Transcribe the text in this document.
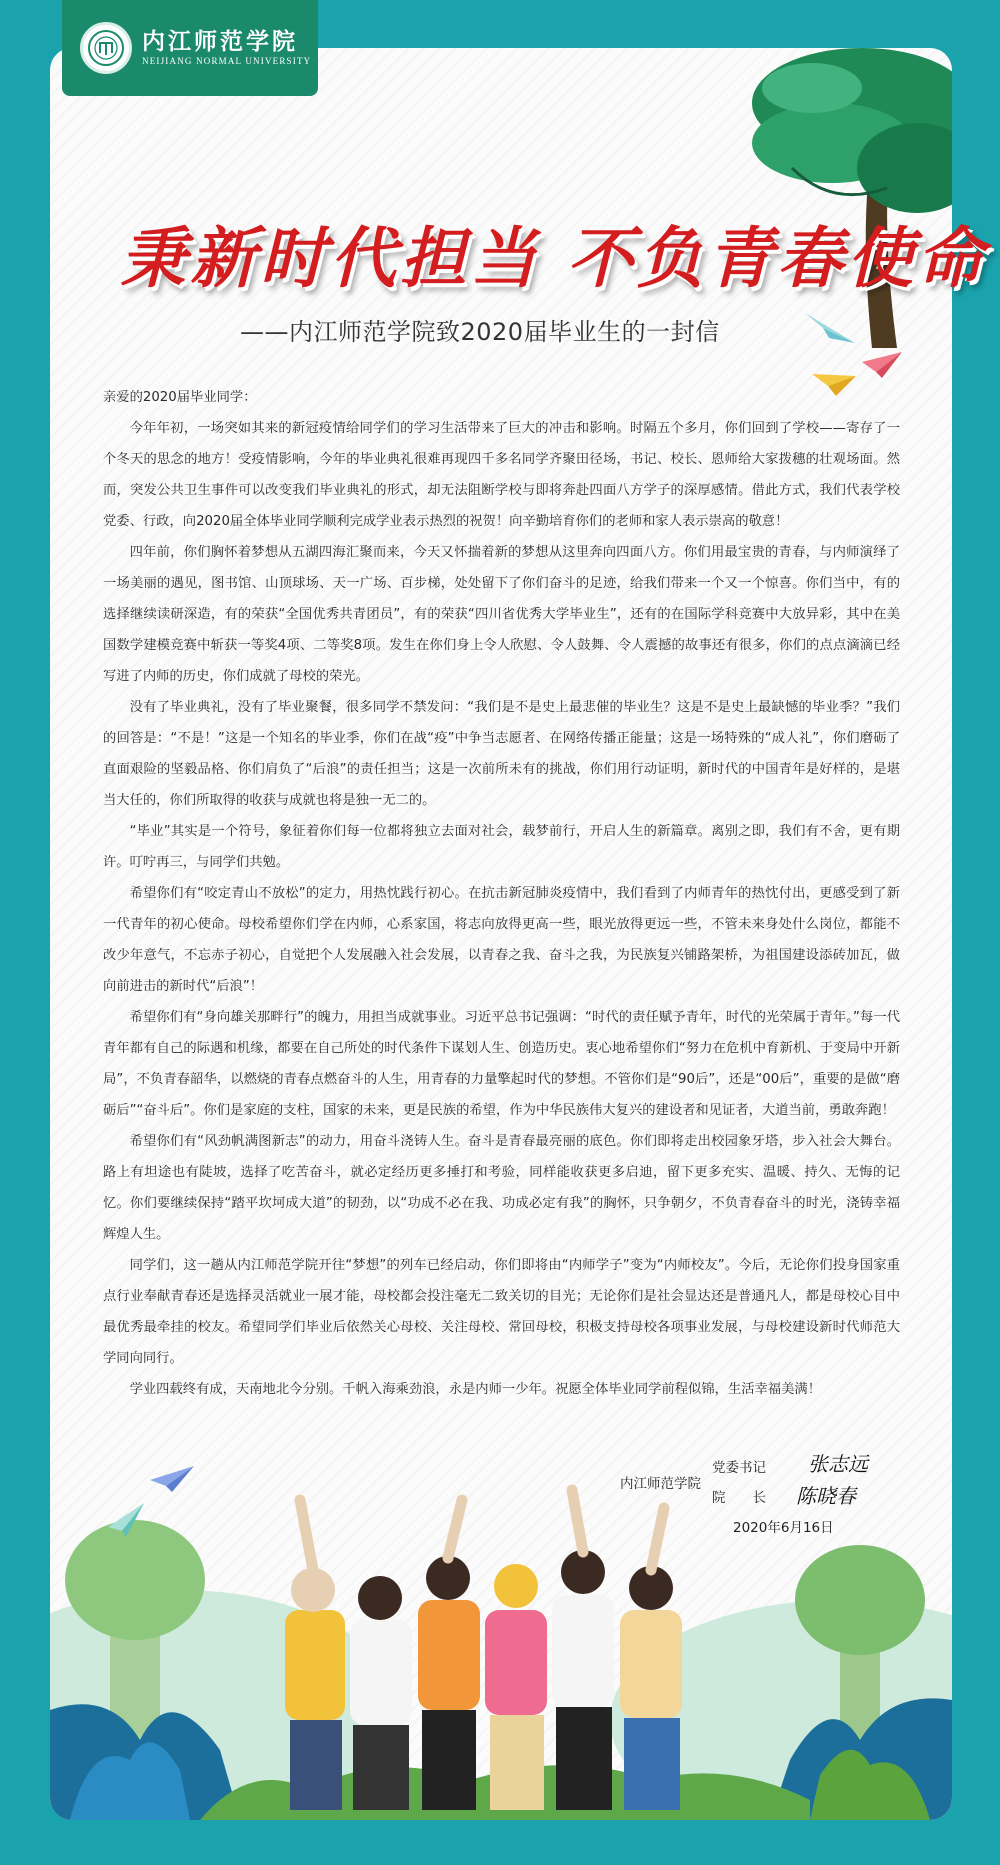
内江师范学院
NEIJIANG NORMAL UNIVERSITY
秉新时代担当 不负青春使命
——内江师范学院致2020届毕业生的一封信

亲爱的2020届毕业同学：

今年年初，一场突如其来的新冠疫情给同学们的学习生活带来了巨大的冲击和影响。时隔五个多月，你们回到了学校——寄存了一个冬天的思念的地方！受疫情影响，今年的毕业典礼很难再现四千多名同学齐聚田径场，书记、校长、恩师给大家拨穗的壮观场面。然而，突发公共卫生事件可以改变我们毕业典礼的形式，却无法阻断学校与即将奔赴四面八方学子的深厚感情。借此方式，我们代表学校党委、行政，向2020届全体毕业同学顺利完成学业表示热烈的祝贺！向辛勤培育你们的老师和家人表示崇高的敬意！

四年前，你们胸怀着梦想从五湖四海汇聚而来，今天又怀揣着新的梦想从这里奔向四面八方。你们用最宝贵的青春，与内师演绎了一场美丽的遇见，图书馆、山顶球场、天一广场、百步梯，处处留下了你们奋斗的足迹，给我们带来一个又一个惊喜。你们当中，有的选择继续读研深造，有的荣获“全国优秀共青团员”，有的荣获“四川省优秀大学毕业生”，还有的在国际学科竞赛中大放异彩，其中在美国数学建模竞赛中斩获一等奖4项、二等奖8项。发生在你们身上令人欣慰、令人鼓舞、令人震撼的故事还有很多，你们的点点滴滴已经写进了内师的历史，你们成就了母校的荣光。

没有了毕业典礼，没有了毕业聚餐，很多同学不禁发问：“我们是不是史上最悲催的毕业生？这是不是史上最缺憾的毕业季？”我们的回答是：“不是！”这是一个知名的毕业季，你们在战“疫”中争当志愿者、在网络传播正能量；这是一场特殊的“成人礼”，你们磨砺了直面艰险的坚毅品格、你们肩负了“后浪”的责任担当；这是一次前所未有的挑战，你们用行动证明，新时代的中国青年是好样的，是堪当大任的，你们所取得的收获与成就也将是独一无二的。

“毕业”其实是一个符号，象征着你们每一位都将独立去面对社会，载梦前行，开启人生的新篇章。离别之即，我们有不舍，更有期许。叮咛再三，与同学们共勉。

希望你们有“咬定青山不放松”的定力，用热忱践行初心。在抗击新冠肺炎疫情中，我们看到了内师青年的热忱付出，更感受到了新一代青年的初心使命。母校希望你们学在内师，心系家国，将志向放得更高一些，眼光放得更远一些，不管未来身处什么岗位，都能不改少年意气，不忘赤子初心，自觉把个人发展融入社会发展，以青春之我、奋斗之我，为民族复兴铺路架桥，为祖国建设添砖加瓦，做向前进击的新时代“后浪”！

希望你们有“身向雄关那畔行”的魄力，用担当成就事业。习近平总书记强调：“时代的责任赋予青年，时代的光荣属于青年。”每一代青年都有自己的际遇和机缘，都要在自己所处的时代条件下谋划人生、创造历史。衷心地希望你们“努力在危机中育新机、于变局中开新局”，不负青春韶华，以燃烧的青春点燃奋斗的人生，用青春的力量擎起时代的梦想。不管你们是“90后”，还是“00后”，重要的是做“磨砺后”“奋斗后”。你们是家庭的支柱，国家的未来，更是民族的希望，作为中华民族伟大复兴的建设者和见证者，大道当前，勇敢奔跑！

希望你们有“风劲帆满图新志”的动力，用奋斗浇铸人生。奋斗是青春最亮丽的底色。你们即将走出校园象牙塔，步入社会大舞台。路上有坦途也有陡坡，选择了吃苦奋斗，就必定经历更多捶打和考验，同样能收获更多启迪，留下更多充实、温暖、持久、无悔的记忆。你们要继续保持“踏平坎坷成大道”的韧劲，以“功成不必在我、功成必定有我”的胸怀，只争朝夕，不负青春奋斗的时光，浇铸幸福辉煌人生。

同学们，这一趟从内江师范学院开往“梦想”的列车已经启动，你们即将由“内师学子”变为“内师校友”。今后，无论你们投身国家重点行业奉献青春还是选择灵活就业一展才能，母校都会投注毫无二致关切的目光；无论你们是社会显达还是普通凡人，都是母校心目中最优秀最牵挂的校友。希望同学们毕业后依然关心母校、关注母校、常回母校，积极支持母校各项事业发展，与母校建设新时代师范大学同向同行。

学业四载终有成，天南地北今分别。千帆入海乘劲浪，永是内师一少年。祝愿全体毕业同学前程似锦，生活幸福美满！

内江师范学院
党委书记
院　　长
张志远
陈晓春
2020年6月16日
